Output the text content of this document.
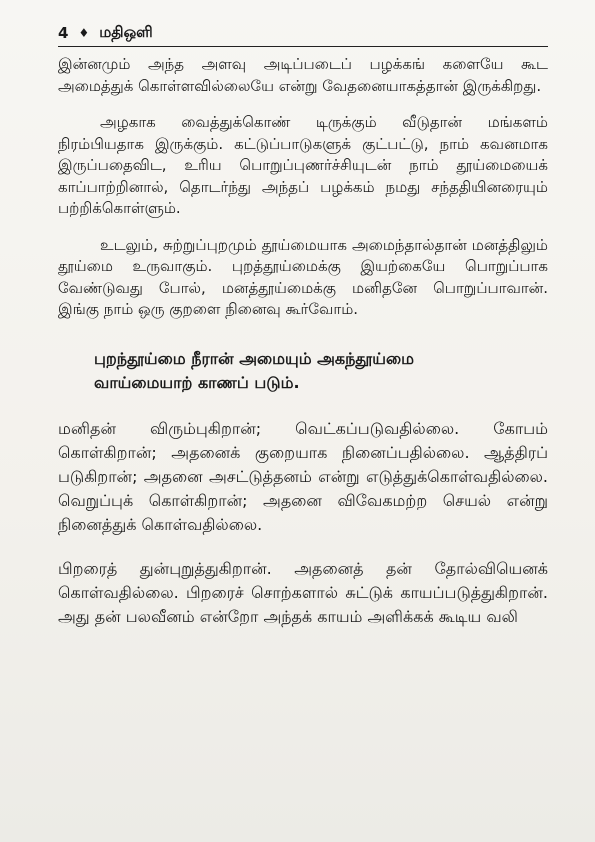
4 ♦ மதிஒளி

இன்னமும் அந்த அளவு அடிப்படைப் பழக்கங் களையே கூட அமைத்துக் கொள்ளவில்லையே என்று வேதனையாகத்தான் இருக்கிறது.

அழகாக வைத்துக்கொண் டிருக்கும் வீடுதான் மங்களம் நிரம்பியதாக இருக்கும். கட்டுப்பாடுகளுக் குட்பட்டு, நாம் கவனமாக இருப்பதைவிட, உரிய பொறுப்புணர்ச்சியுடன் நாம் தூய்மையைக் காப்பாற்றினால், தொடர்ந்து அந்தப் பழக்கம் நமது சந்ததியினரையும் பற்றிக்கொள்ளும்.

உடலும், சுற்றுப்புறமும் தூய்மையாக அமைந்தால்தான் மனத்திலும் தூய்மை உருவாகும். புறத்தூய்மைக்கு இயற்கையே பொறுப்பாக வேண்டுவது போல், மனத்தூய்மைக்கு மனிதனே பொறுப்பாவான். இங்கு நாம் ஒரு குறளை நினைவு கூர்வோம்.

புறந்தூய்மை நீரான் அமையும் அகந்தூய்மை
வாய்மையாற் காணப் படும்.

மனிதன் விரும்புகிறான்; வெட்கப்படுவதில்லை. கோபம் கொள்கிறான்; அதனைக் குறையாக நினைப்பதில்லை. ஆத்திரப் படுகிறான்; அதனை அசட்டுத்தனம் என்று எடுத்துக்கொள்வதில்லை. வெறுப்புக் கொள்கிறான்; அதனை விவேகமற்ற செயல் என்று நினைத்துக் கொள்வதில்லை.

பிறரைத் துன்புறுத்துகிறான். அதனைத் தன் தோல்வியெனக் கொள்வதில்லை. பிறரைச் சொற்களால் சுட்டுக் காயப்படுத்துகிறான். அது தன் பலவீனம் என்றோ அந்தக் காயம் அளிக்கக் கூடிய வலி
